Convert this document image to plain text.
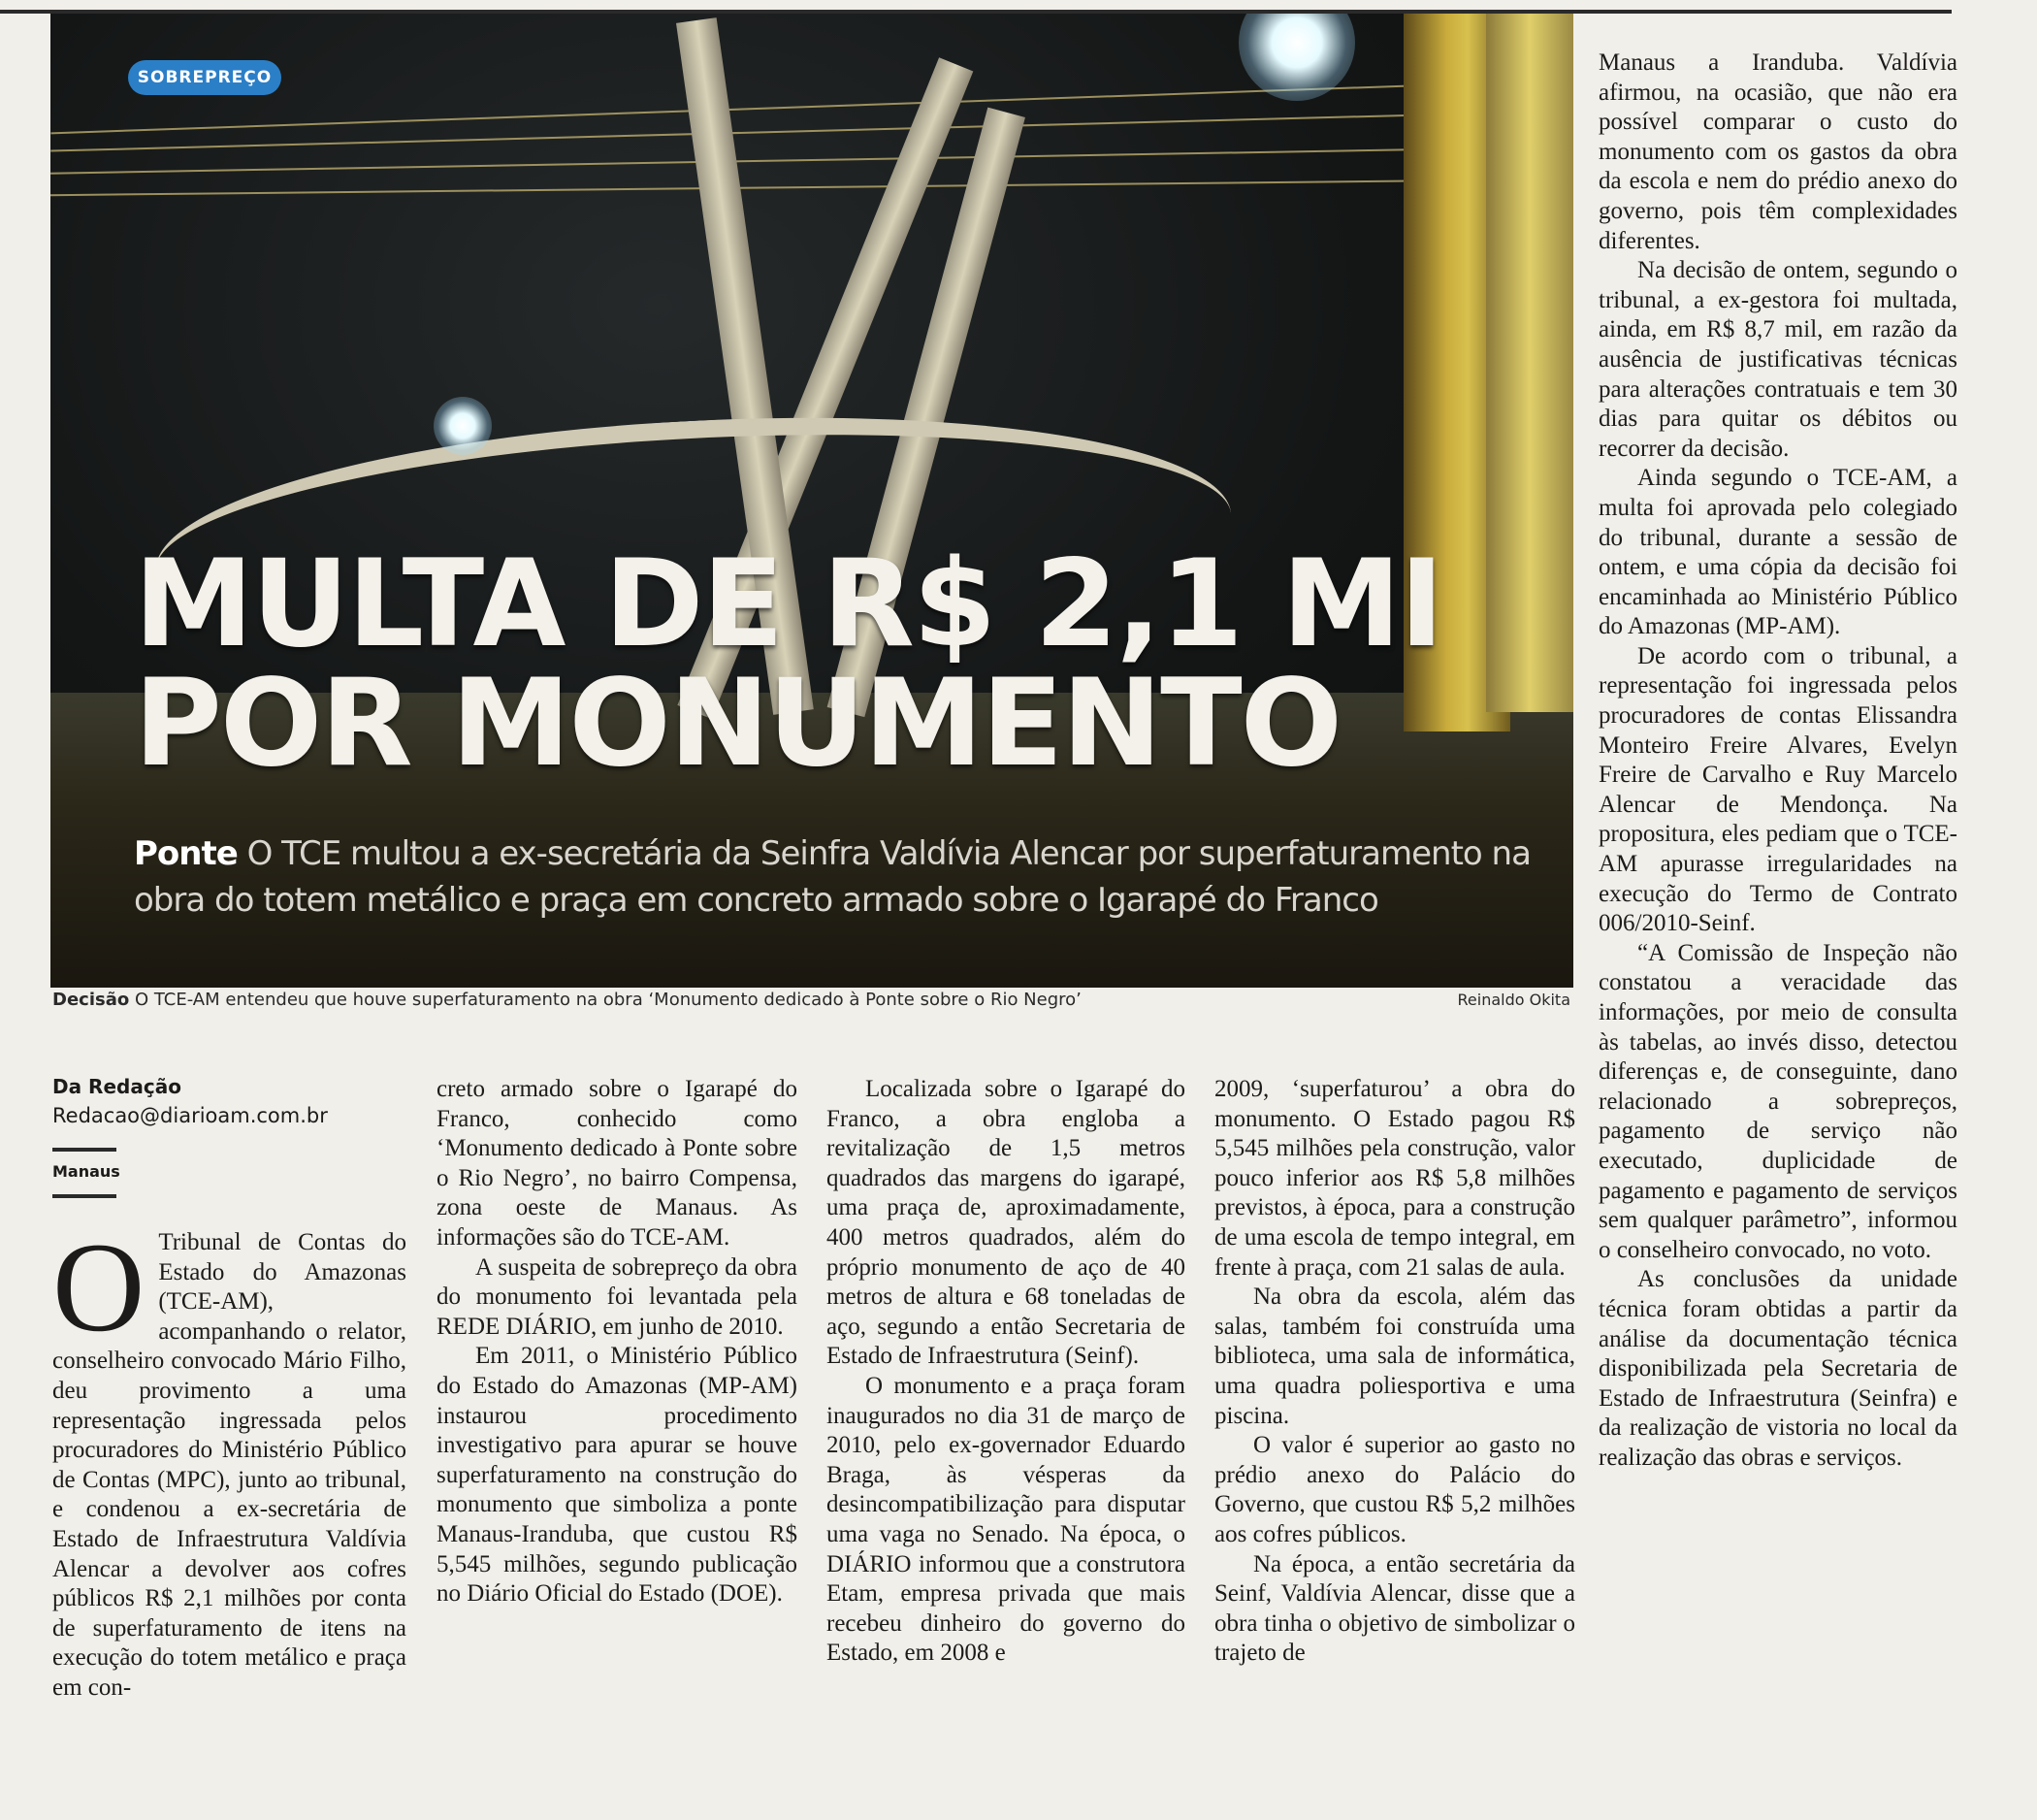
SOBREPREÇO
MULTA DE R$ 2,1 MI POR MONUMENTO

Ponte O TCE multou a ex-secretária da Seinfra Valdívia Alencar por superfaturamento na obra do totem metálico e praça em concreto armado sobre o Igarapé do Franco

Decisão O TCE-AM entendeu que houve superfaturamento na obra ‘Monumento dedicado à Ponte sobre o Rio Negro’	Reinaldo Okita
Da Redação
Redacao@diarioam.com.br
Manaus
O Tribunal de Contas do Estado do Amazonas (TCE-AM), acompanhando o relator, conselheiro convocado Mário Filho, deu provimento a uma representação ingressada pelos procuradores do Ministério Público de Contas (MPC), junto ao tribunal, e condenou a ex-secretária de Estado de Infraestrutura Valdívia Alencar a devolver aos cofres públicos R$ 2,1 milhões por conta de superfaturamento de itens na execução do totem metálico e praça em con-

creto armado sobre o Igarapé do Franco, conhecido como ‘Monumento dedicado à Ponte sobre o Rio Negro’, no bairro Compensa, zona oeste de Manaus. As informações são do TCE-AM.

A suspeita de sobrepreço da obra do monumento foi levantada pela REDE DIÁRIO, em junho de 2010.

Em 2011, o Ministério Público do Estado do Amazonas (MP-AM) instaurou procedimento investigativo para apurar se houve superfaturamento na construção do monumento que simboliza a ponte Manaus-Iranduba, que custou R$ 5,545 milhões, segundo publicação no Diário Oficial do Estado (DOE).

Localizada sobre o Igarapé do Franco, a obra engloba a revitalização de 1,5 metros quadrados das margens do igarapé, uma praça de, aproximadamente, 400 metros quadrados, além do próprio monumento de aço de 40 metros de altura e 68 toneladas de aço, segundo a então Secretaria de Estado de Infraestrutura (Seinf).

O monumento e a praça foram inaugurados no dia 31 de março de 2010, pelo ex-governador Eduardo Braga, às vésperas da desincompatibilização para disputar uma vaga no Senado. Na época, o DIÁRIO informou que a construtora Etam, empresa privada que mais recebeu dinheiro do governo do Estado, em 2008 e

2009, ‘superfaturou’ a obra do monumento. O Estado pagou R$ 5,545 milhões pela construção, valor pouco inferior aos R$ 5,8 milhões previstos, à época, para a construção de uma escola de tempo integral, em frente à praça, com 21 salas de aula.

Na obra da escola, além das salas, também foi construída uma biblioteca, uma sala de informática, uma quadra poliesportiva e uma piscina.

O valor é superior ao gasto no prédio anexo do Palácio do Governo, que custou R$ 5,2 milhões aos cofres públicos.

Na época, a então secretária da Seinf, Valdívia Alencar, disse que a obra tinha o objetivo de simbolizar o trajeto de

Manaus a Iranduba. Valdívia afirmou, na ocasião, que não era possível comparar o custo do monumento com os gastos da obra da escola e nem do prédio anexo do governo, pois têm complexidades diferentes.

Na decisão de ontem, segundo o tribunal, a ex-gestora foi multada, ainda, em R$ 8,7 mil, em razão da ausência de justificativas técnicas para alterações contratuais e tem 30 dias para quitar os débitos ou recorrer da decisão.

Ainda segundo o TCE-AM, a multa foi aprovada pelo colegiado do tribunal, durante a sessão de ontem, e uma cópia da decisão foi encaminhada ao Ministério Público do Amazonas (MP-AM).

De acordo com o tribunal, a representação foi ingressada pelos procuradores de contas Elissandra Monteiro Freire Alvares, Evelyn Freire de Carvalho e Ruy Marcelo Alencar de Mendonça. Na propositura, eles pediam que o TCE-AM apurasse irregularidades na execução do Termo de Contrato 006/2010-Seinf.

“A Comissão de Inspeção não constatou a veracidade das informações, por meio de consulta às tabelas, ao invés disso, detectou diferenças e, de conseguinte, dano relacionado a sobrepreços, pagamento de serviço não executado, duplicidade de pagamento e pagamento de serviços sem qualquer parâmetro”, informou o conselheiro convocado, no voto.

As conclusões da unidade técnica foram obtidas a partir da análise da documentação técnica disponibilizada pela Secretaria de Estado de Infraestrutura (Seinfra) e da realização de vistoria no local da realização das obras e serviços.
